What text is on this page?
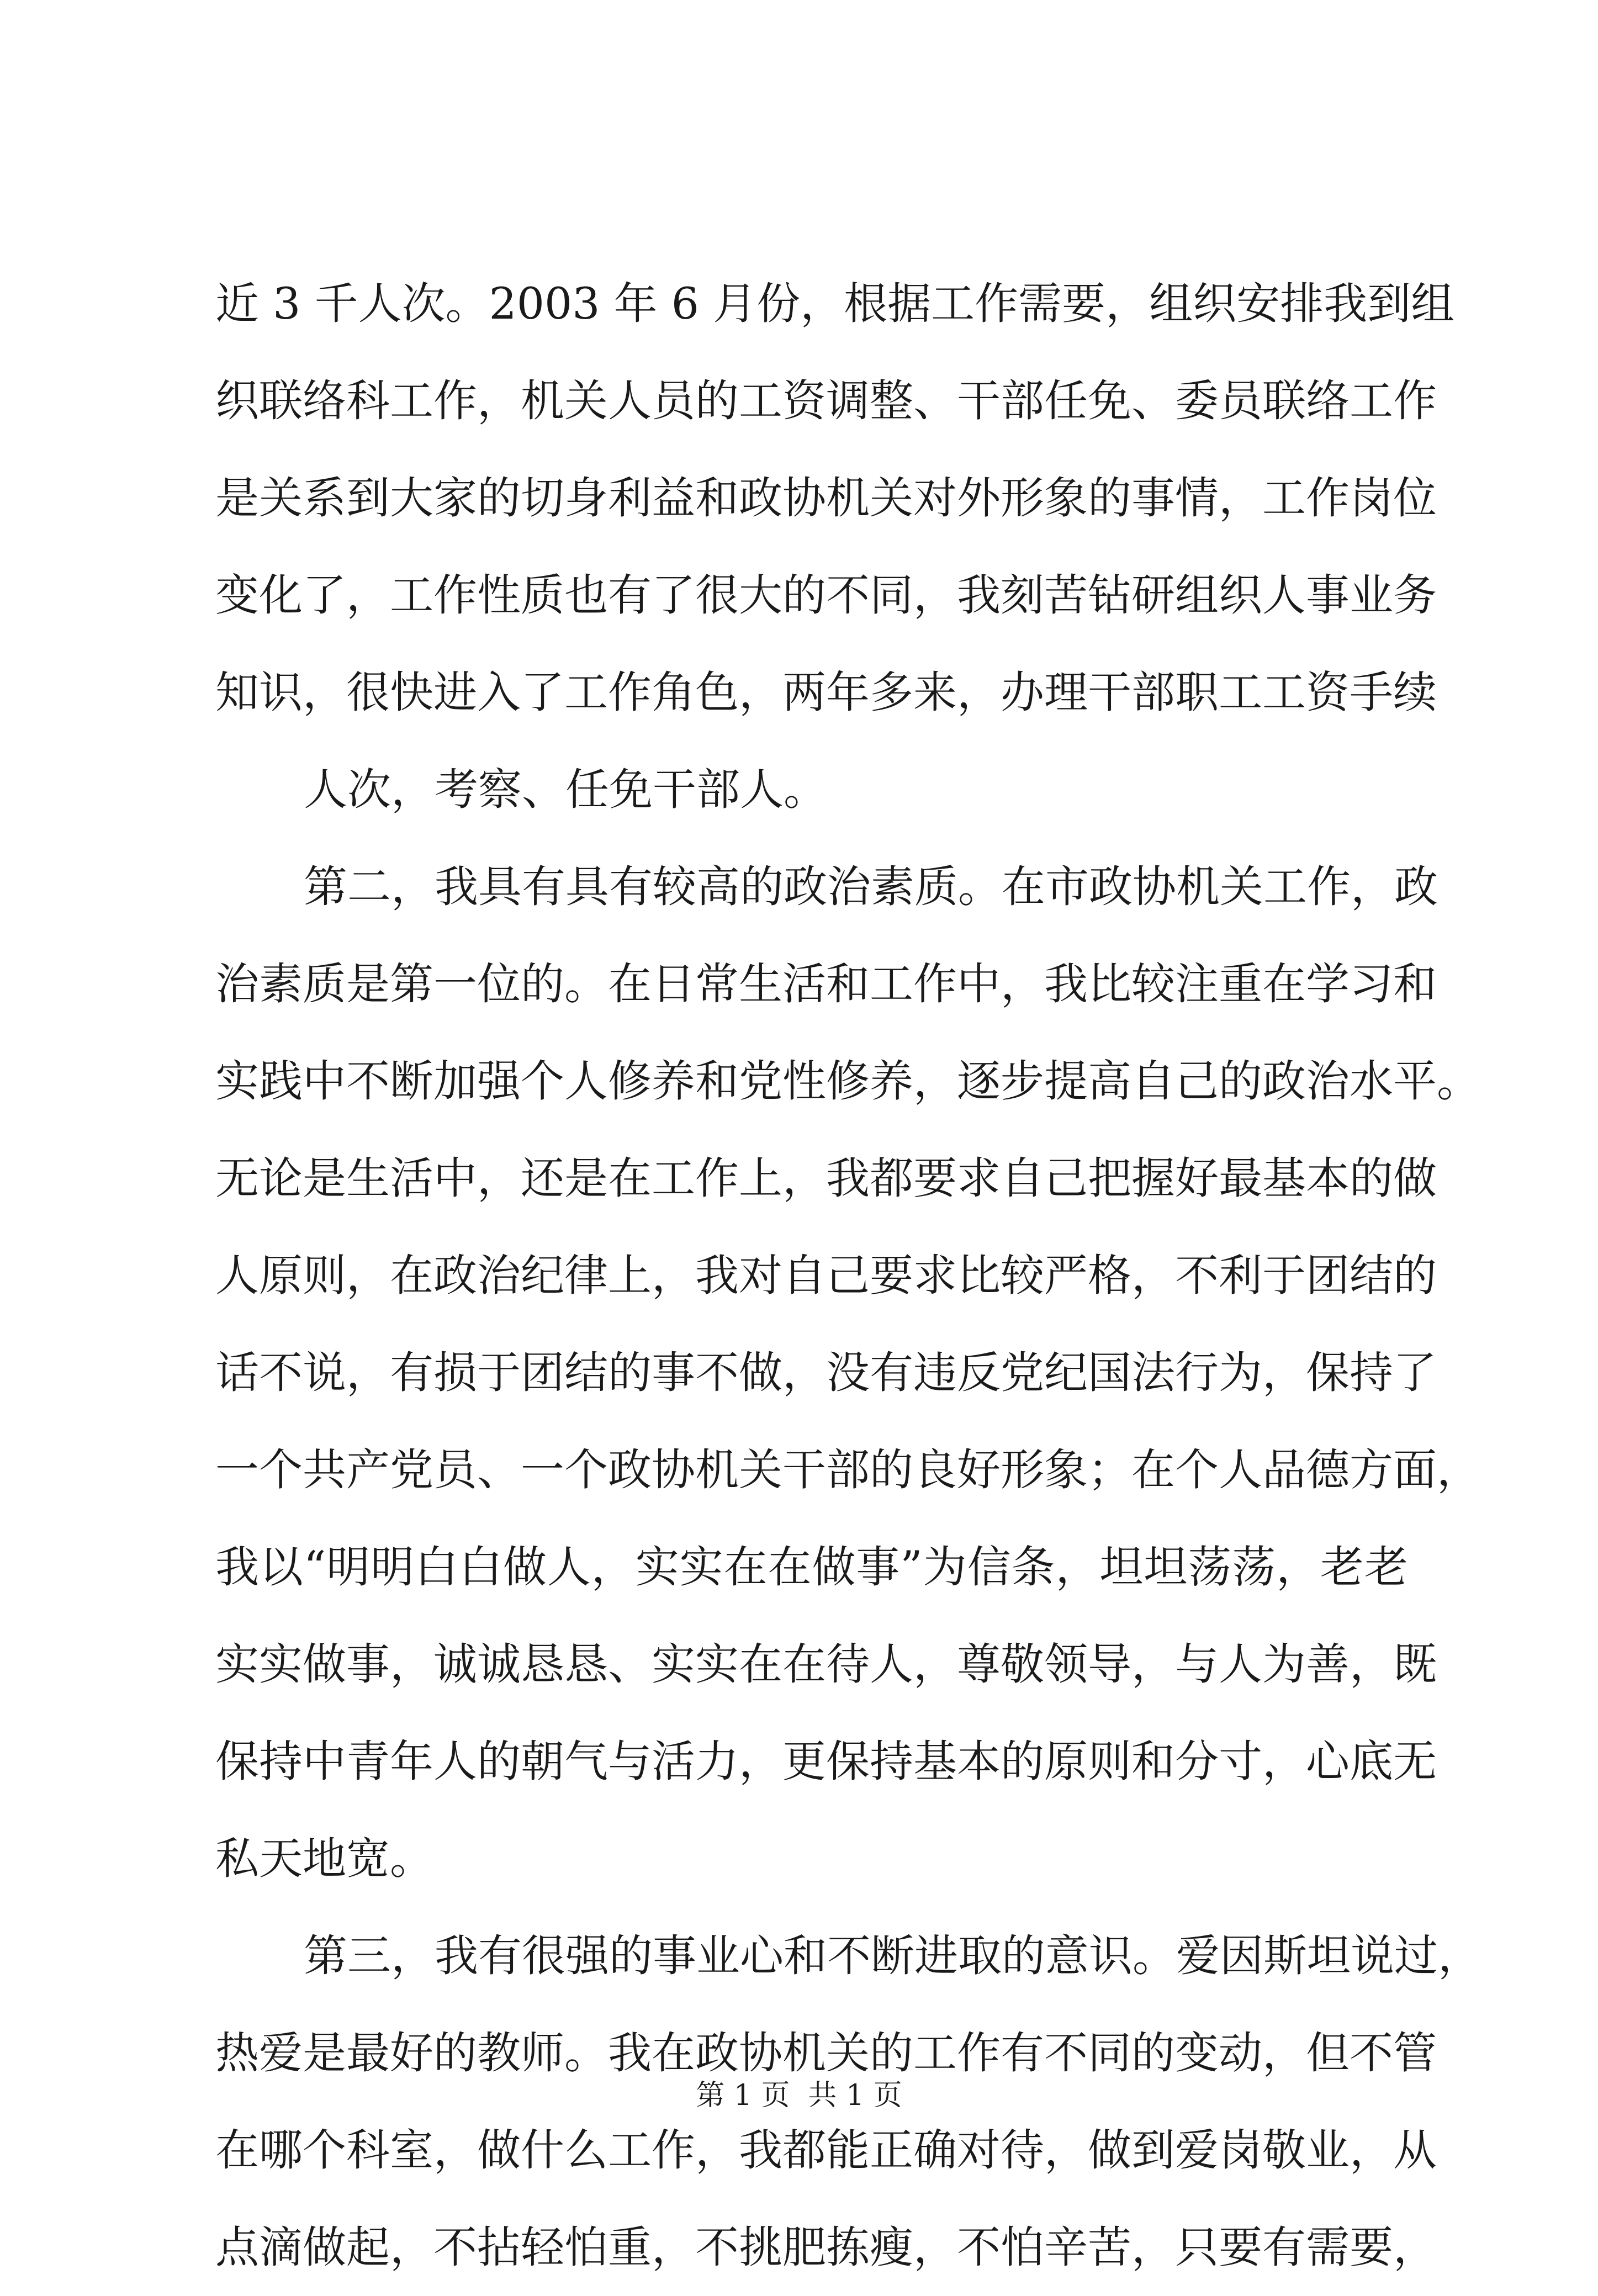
近 3 千人次。2003 年 6 月份，根据工作需要，组织安排我到组
织联络科工作，机关人员的工资调整、干部任免、委员联络工作
是关系到大家的切身利益和政协机关对外形象的事情，工作岗位
变化了，工作性质也有了很大的不同，我刻苦钻研组织人事业务
知识，很快进入了工作角色，两年多来，办理干部职工工资手续
人次，考察、任免干部人。
第二，我具有具有较高的政治素质。在市政协机关工作，政
治素质是第一位的。在日常生活和工作中，我比较注重在学习和
实践中不断加强个人修养和党性修养，逐步提高自己的政治水平。
无论是生活中，还是在工作上，我都要求自己把握好最基本的做
人原则，在政治纪律上，我对自己要求比较严格，不利于团结的
话不说，有损于团结的事不做，没有违反党纪国法行为，保持了
一个共产党员、一个政协机关干部的良好形象；在个人品德方面，
我以“明明白白做人，实实在在做事”为信条，坦坦荡荡，老老
实实做事，诚诚恳恳、实实在在待人，尊敬领导，与人为善，既
保持中青年人的朝气与活力，更保持基本的原则和分寸，心底无
私天地宽。
第三，我有很强的事业心和不断进取的意识。爱因斯坦说过，
热爱是最好的教师。我在政协机关的工作有不同的变动，但不管
在哪个科室，做什么工作，我都能正确对待，做到爱岗敬业，从
点滴做起，不拈轻怕重，不挑肥拣瘦，不怕辛苦，只要有需要，
第 1 页  共 1 页
